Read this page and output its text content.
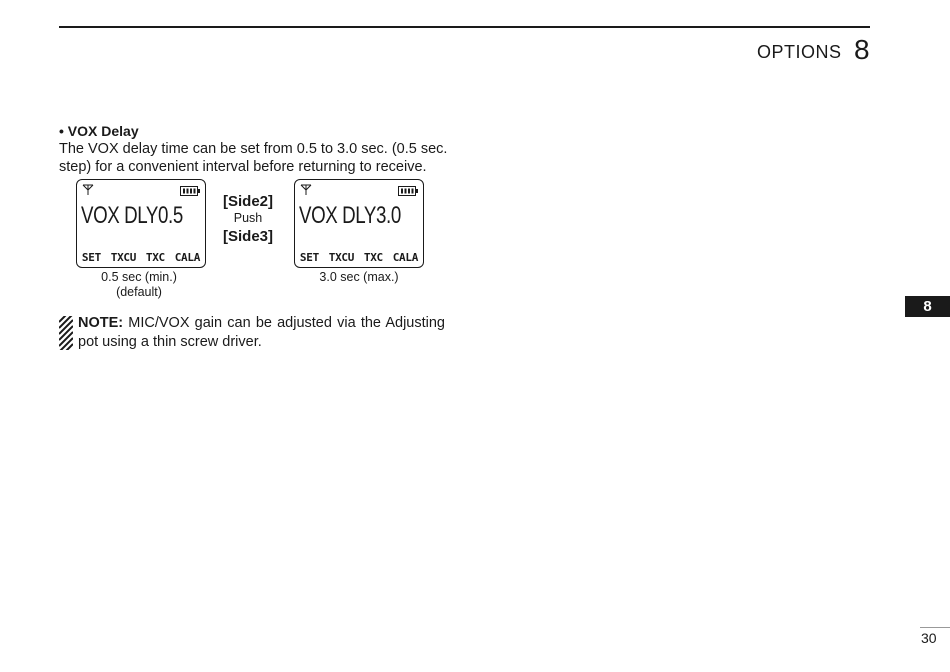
OPTIONS 8
• VOX Delay
The VOX delay time can be set from 0.5 to 3.0 sec. (0.5 sec. step) for a convenient interval before returning to receive.
VOX DLY0.5
SET TXCU TXC CALA
0.5 sec (min.)
(default)
[Side2]
Push
[Side3]
VOX DLY3.0
SET TXCU TXC CALA
3.0 sec (max.)
NOTE: MIC/VOX gain can be adjusted via the Adjusting pot using a thin screw driver.
8
30
